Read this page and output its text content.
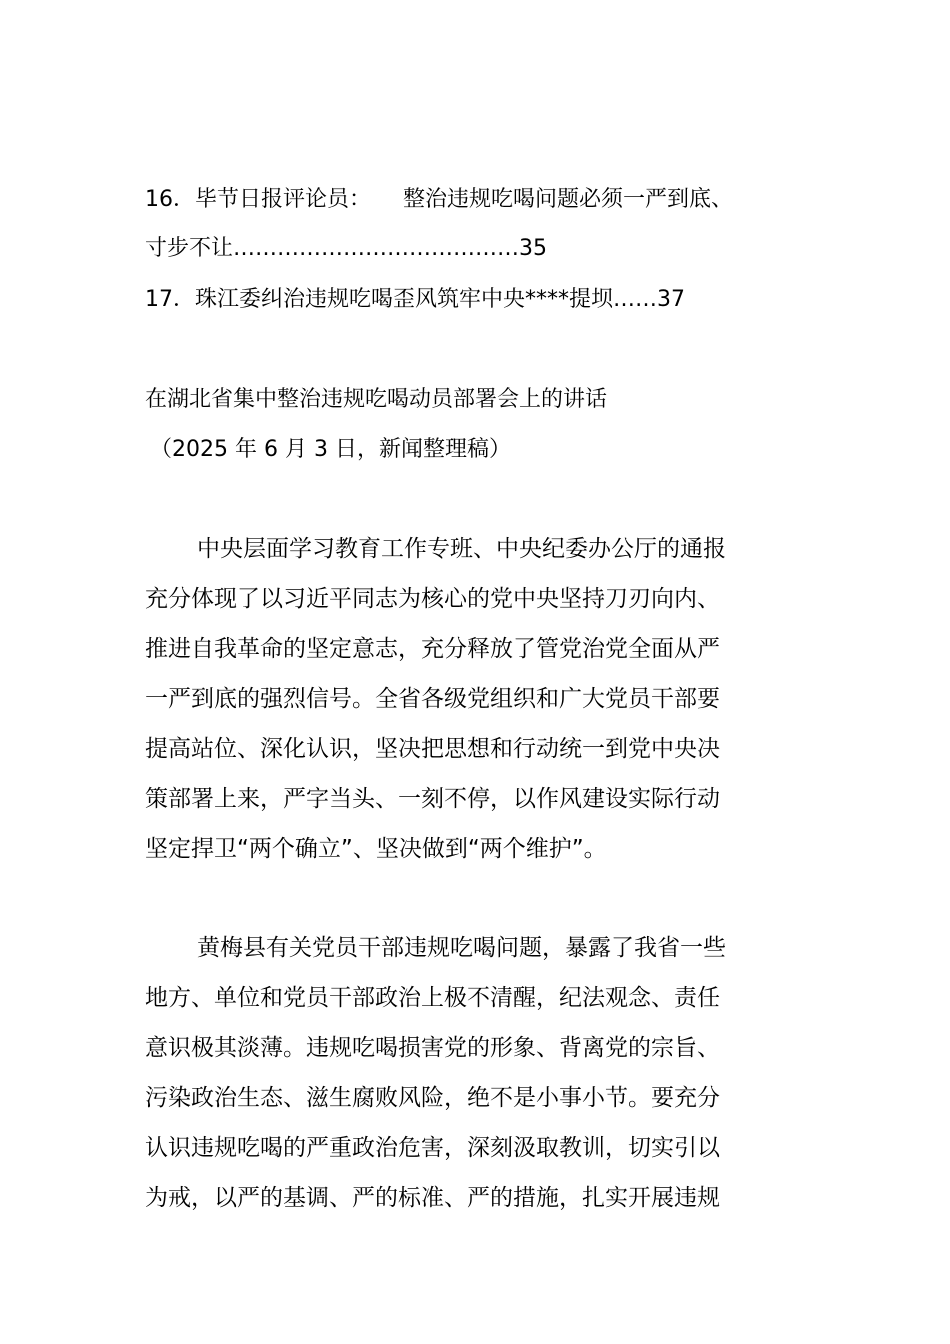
16．毕节日报评论员： 整治违规吃喝问题必须一严到底、
寸步不让…………………………………35
17．珠江委纠治违规吃喝歪风筑牢中央****提坝……37
在湖北省集中整治违规吃喝动员部署会上的讲话
（2025 年 6 月 3 日，新闻整理稿）
中央层面学习教育工作专班、中央纪委办公厅的通报
充分体现了以习近平同志为核心的党中央坚持刀刃向内、
推进自我革命的坚定意志，充分释放了管党治党全面从严
一严到底的强烈信号。全省各级党组织和广大党员干部要
提高站位、深化认识，坚决把思想和行动统一到党中央决
策部署上来，严字当头、一刻不停，以作风建设实际行动
坚定捍卫“两个确立”、坚决做到“两个维护”。
黄梅县有关党员干部违规吃喝问题，暴露了我省一些
地方、单位和党员干部政治上极不清醒，纪法观念、责任
意识极其淡薄。违规吃喝损害党的形象、背离党的宗旨、
污染政治生态、滋生腐败风险，绝不是小事小节。要充分
认识违规吃喝的严重政治危害，深刻汲取教训，切实引以
为戒，以严的基调、严的标准、严的措施，扎实开展违规
